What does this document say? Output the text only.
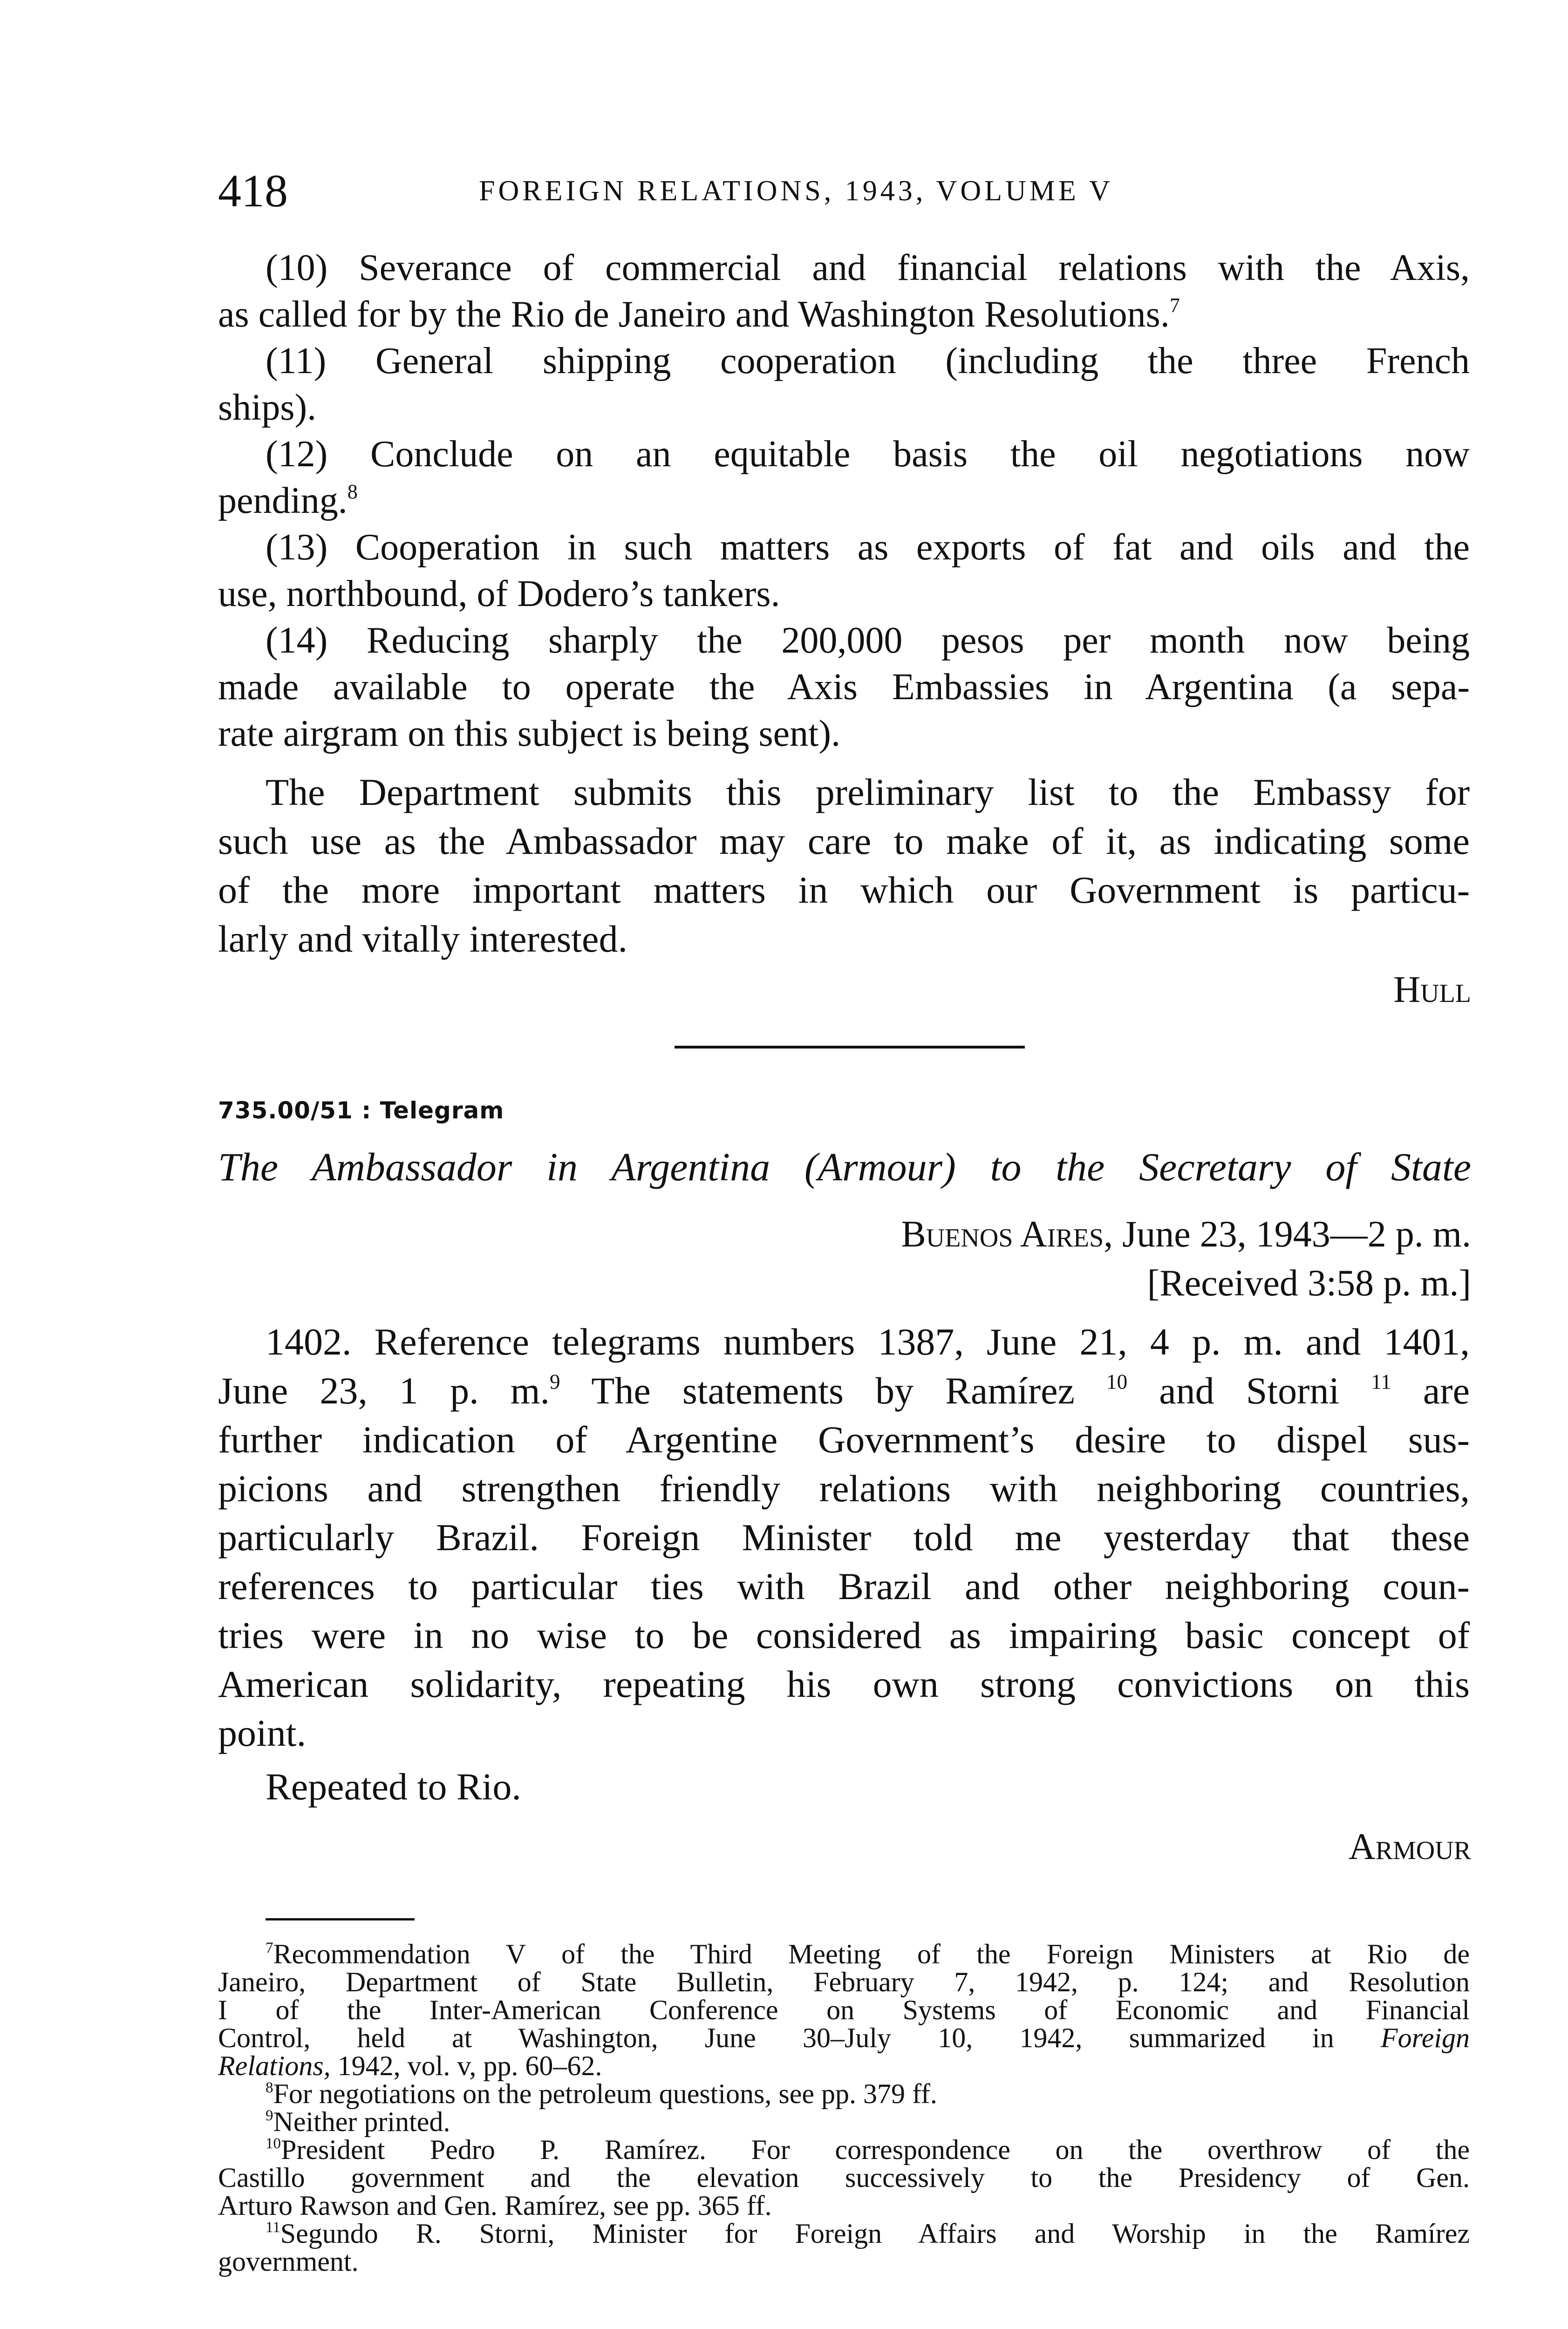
418	FOREIGN RELATIONS, 1943, VOLUME V
(10) Severance of commercial and financial relations with the Axis,
as called for by the Rio de Janeiro and Washington Resolutions.$^7$
(11) General shipping cooperation (including the three French
ships).
(12) Conclude on an equitable basis the oil negotiations now
pending.$^8$
(13) Cooperation in such matters as exports of fat and oils and the
use, northbound, of Dodero’s tankers.
(14) Reducing sharply the 200,000 pesos per month now being
made available to operate the Axis Embassies in Argentina (a sepa-
rate airgram on this subject is being sent).
The Department submits this preliminary list to the Embassy for
such use as the Ambassador may care to make of it, as indicating some
of the more important matters in which our Government is particu-
larly and vitally interested.
Hull
735.00/51 : Telegram
The Ambassador in Argentina (Armour) to the Secretary of State
Buenos Aires, June 23, 1943—2 p. m.
[Received 3:58 p. m.]
1402. Reference telegrams numbers 1387, June 21, 4 p. m. and 1401,
June 23, 1 p. m.$^9$ The statements by Ramírez $^{10}$ and Storni $^{11}$ are
further indication of Argentine Government’s desire to dispel sus-
picions and strengthen friendly relations with neighboring countries,
particularly Brazil. Foreign Minister told me yesterday that these
references to particular ties with Brazil and other neighboring coun-
tries were in no wise to be considered as impairing basic concept of
American solidarity, repeating his own strong convictions on this
point.
Repeated to Rio.
Armour
$^7$Recommendation V of the Third Meeting of the Foreign Ministers at Rio de
Janeiro, Department of State Bulletin, February 7, 1942, p. 124; and Resolution
I of the Inter-American Conference on Systems of Economic and Financial
Control, held at Washington, June 30–July 10, 1942, summarized in Foreign
Relations, 1942, vol. v, pp. 60–62.
$^8$For negotiations on the petroleum questions, see pp. 379 ff.
$^9$Neither printed.
$^{10}$President Pedro P. Ramírez. For correspondence on the overthrow of the
Castillo government and the elevation successively to the Presidency of Gen.
Arturo Rawson and Gen. Ramírez, see pp. 365 ff.
$^{11}$Segundo R. Storni, Minister for Foreign Affairs and Worship in the Ramírez
government.
